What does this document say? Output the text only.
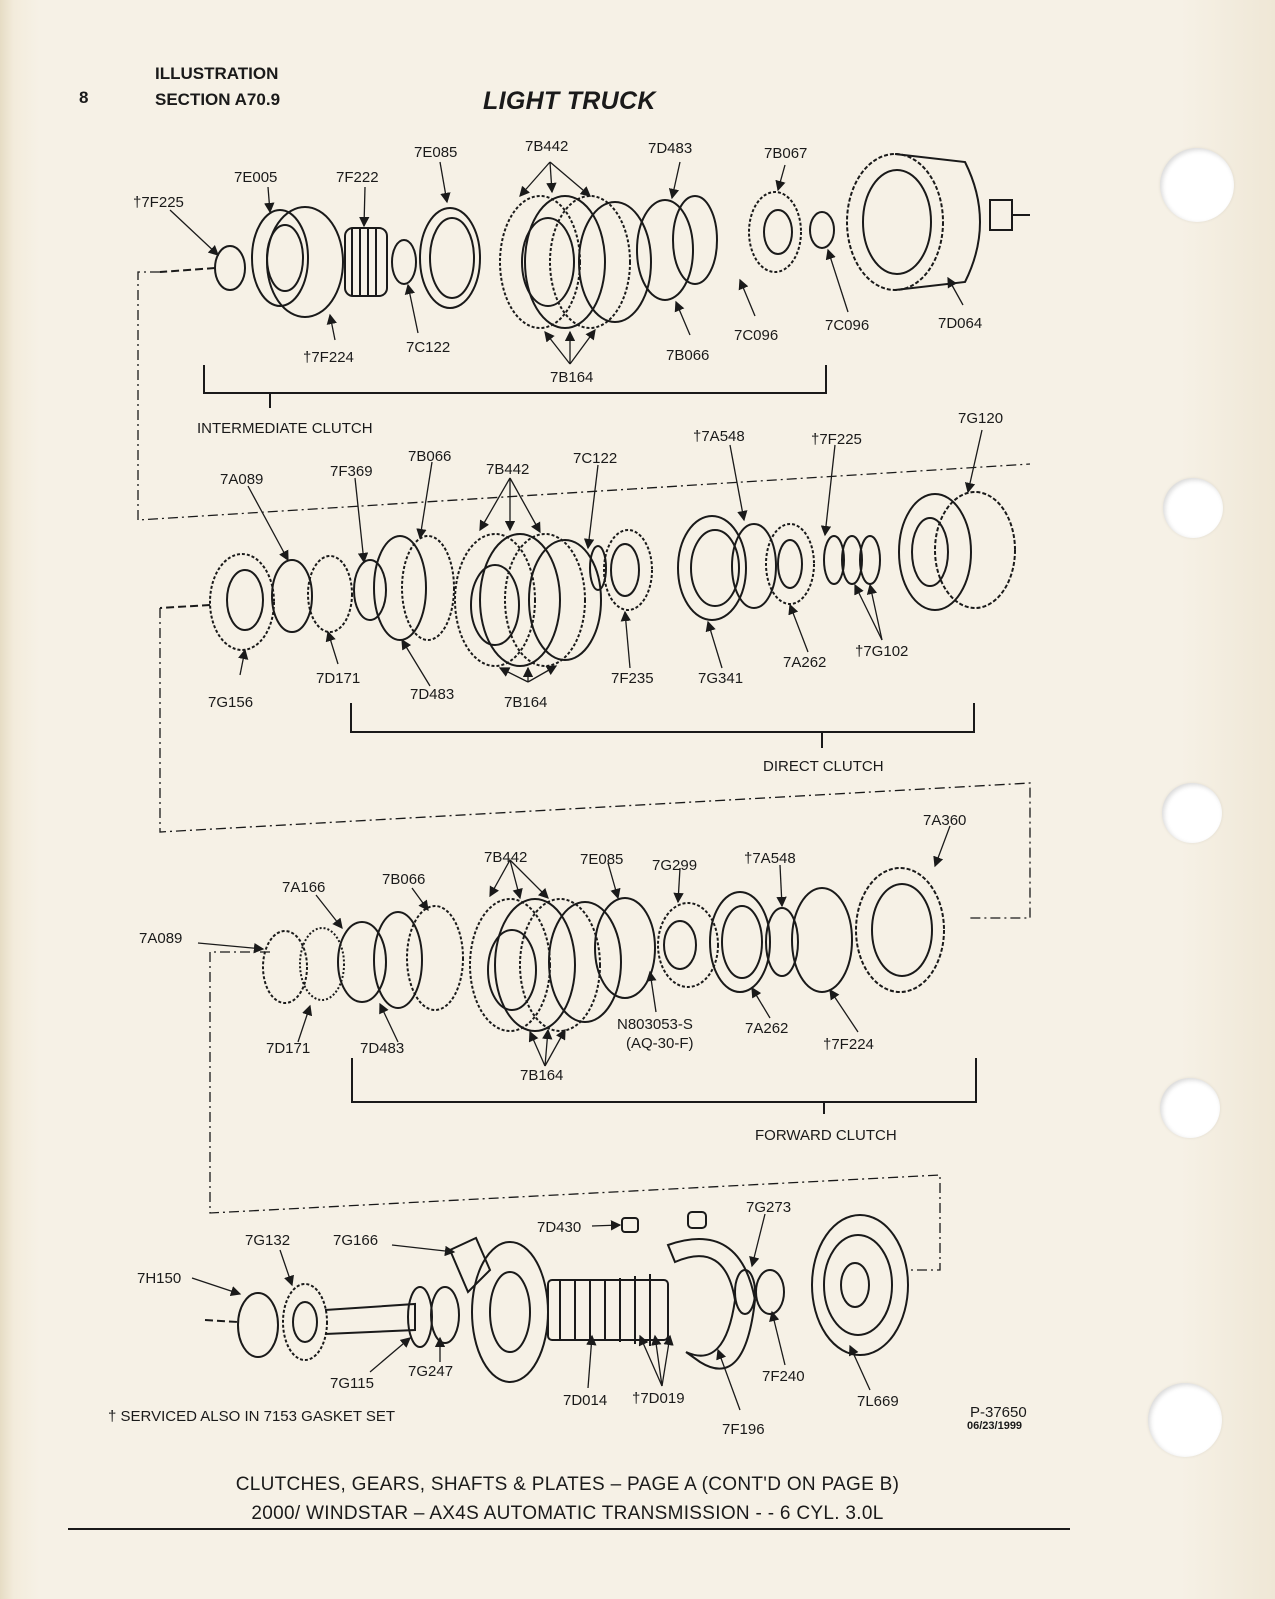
8
ILLUSTRATION
SECTION A70.9	LIGHT TRUCK
†7F225
7E005	7F222
7E085	7B442	7D483	7B067
†7F224
7C122
7B164
7B066
7C096
7C096	7D064
INTERMEDIATE CLUTCH
7A089	7F369
7B066
7B442
7C122
†7A548	†7F225
7G120
7G156
7D171
7D483	7B164
7F235	7G341
7A262
†7G102
DIRECT CLUTCH
7A360
7A166	7B066
7B442	7E085 7G299	†7A548
7A089
7D171	7D483
N803053-S
(AQ-30-F)
7A262
†7F224
7B164
FORWARD CLUTCH
7D430
7G273
7G132	7G166
7H150
7G115
7G247
7D014 †7D019
7F196
7F240
7L669
† SERVICED ALSO IN 7153 GASKET SET	P-37650
06/23/1999
CLUTCHES, GEARS, SHAFTS & PLATES – PAGE A (CONT'D ON PAGE B)
2000/ WINDSTAR – AX4S AUTOMATIC TRANSMISSION - - 6 CYL. 3.0L
